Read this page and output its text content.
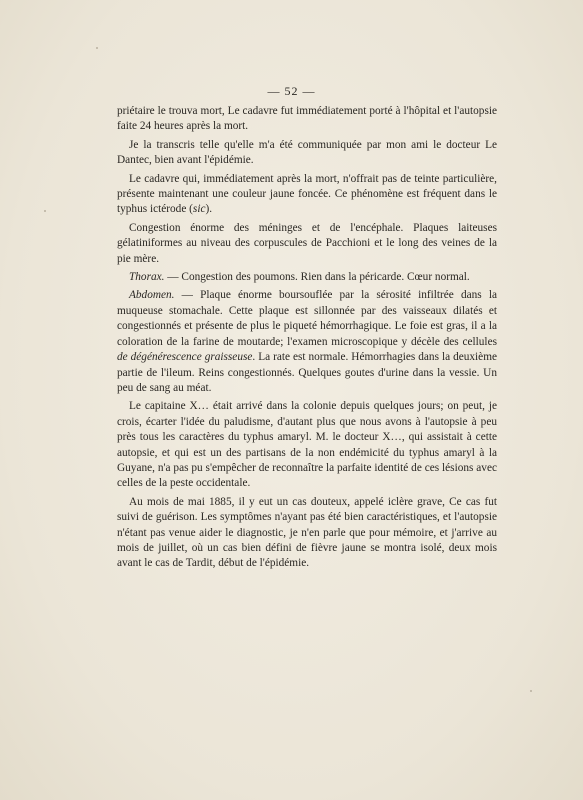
— 52 —

priétaire le trouva mort, Le cadavre fut immédiatement porté à l'hôpital et l'autopsie faite 24 heures après la mort.

Je la transcris telle qu'elle m'a été communiquée par mon ami le docteur Le Dantec, bien avant l'épidémie.

Le cadavre qui, immédiatement après la mort, n'offrait pas de teinte particulière, présente maintenant une couleur jaune foncée. Ce phénomène est fréquent dans le typhus ictérode (sic).

Congestion énorme des méninges et de l'encéphale. Plaques laiteuses gélatiniformes au niveau des corpuscules de Pacchioni et le long des veines de la pie mère.

Thorax. — Congestion des poumons. Rien dans la péricarde. Cœur normal.

Abdomen. — Plaque énorme boursouflée par la sérosité infiltrée dans la muqueuse stomachale. Cette plaque est sillonnée par des vaisseaux dilatés et congestionnés et présente de plus le piqueté hémorrhagique. Le foie est gras, il a la coloration de la farine de moutarde; l'examen microscopique y décèle des cellules de dégénérescence graisseuse. La rate est normale. Hémorrhagies dans la deuxième partie de l'ileum. Reins congestionnés. Quelques goutes d'urine dans la vessie. Un peu de sang au méat.

Le capitaine X… était arrivé dans la colonie depuis quelques jours; on peut, je crois, écarter l'idée du paludisme, d'autant plus que nous avons à l'autopsie à peu près tous les caractères du typhus amaryl. M. le docteur X…, qui assistait à cette autopsie, et qui est un des partisans de la non endémicité du typhus amaryl à la Guyane, n'a pas pu s'empêcher de reconnaître la parfaite identité de ces lésions avec celles de la peste occidentale.

Au mois de mai 1885, il y eut un cas douteux, appelé iclère grave, Ce cas fut suivi de guérison. Les symptômes n'ayant pas été bien caractéristiques, et l'autopsie n'étant pas venue aider le diagnostic, je n'en parle que pour mémoire, et j'arrive au mois de juillet, où un cas bien défini de fièvre jaune se montra isolé, deux mois avant le cas de Tardit, début de l'épidémie.
